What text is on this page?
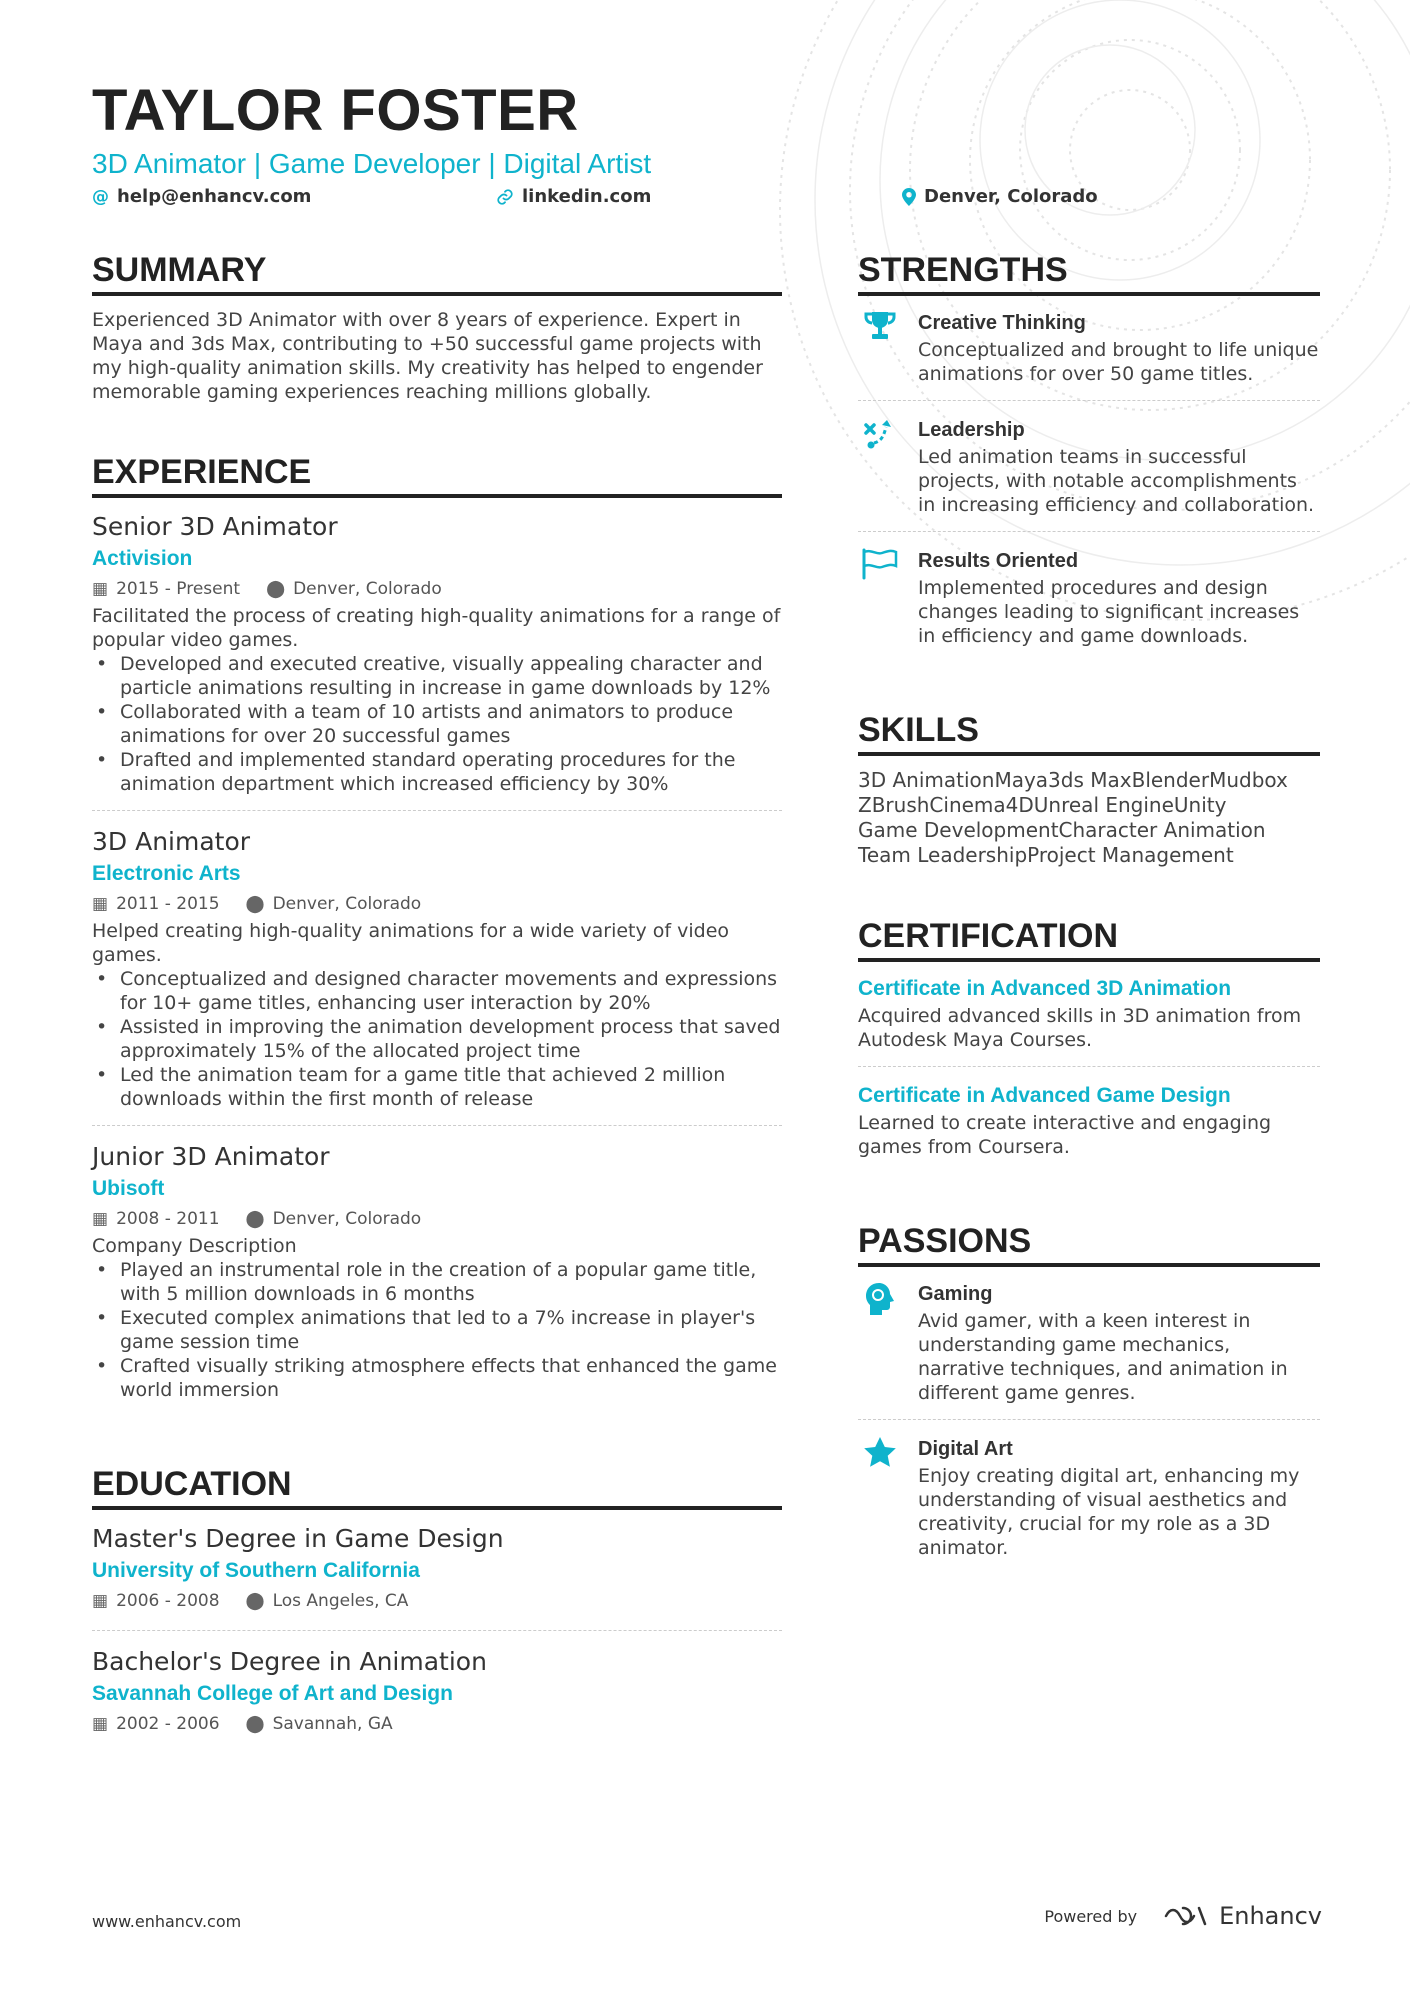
TAYLOR FOSTER
3D Animator | Game Developer | Digital Artist
@ help@enhancv.com	linkedin.com	Denver, Colorado
SUMMARY
Experienced 3D Animator with over 8 years of experience. Expert in Maya and 3ds Max, contributing to +50 successful game projects with my high-quality animation skills. My creativity has helped to engender memorable gaming experiences reaching millions globally.
EXPERIENCE
Senior 3D Animator
Activision
▦ 2015 - Present ⬤ Denver, Colorado
Facilitated the process of creating high-quality animations for a range of popular video games.
• Developed and executed creative, visually appealing character and particle animations resulting in increase in game downloads by 12%
• Collaborated with a team of 10 artists and animators to produce animations for over 20 successful games
• Drafted and implemented standard operating procedures for the animation department which increased efficiency by 30%
3D Animator
Electronic Arts
▦ 2011 - 2015 ⬤ Denver, Colorado
Helped creating high-quality animations for a wide variety of video games.
• Conceptualized and designed character movements and expressions for 10+ game titles, enhancing user interaction by 20%
• Assisted in improving the animation development process that saved approximately 15% of the allocated project time
• Led the animation team for a game title that achieved 2 million downloads within the first month of release
Junior 3D Animator
Ubisoft
▦ 2008 - 2011 ⬤ Denver, Colorado
Company Description
• Played an instrumental role in the creation of a popular game title, with 5 million downloads in 6 months
• Executed complex animations that led to a 7% increase in player's game session time
• Crafted visually striking atmosphere effects that enhanced the game world immersion
EDUCATION
Master's Degree in Game Design
University of Southern California
▦ 2006 - 2008 ⬤ Los Angeles, CA
Bachelor's Degree in Animation
Savannah College of Art and Design
▦ 2002 - 2006 ⬤ Savannah, GA
STRENGTHS
Creative Thinking
Conceptualized and brought to life unique animations for over 50 game titles.
Leadership
Led animation teams in successful projects, with notable accomplishments in increasing efficiency and collaboration.
Results Oriented
Implemented procedures and design changes leading to significant increases in efficiency and game downloads.
SKILLS
3D AnimationMaya3ds MaxBlenderMudbox
ZBrushCinema4DUnreal EngineUnity
Game DevelopmentCharacter Animation
Team LeadershipProject Management
CERTIFICATION
Certificate in Advanced 3D Animation
Acquired advanced skills in 3D animation from Autodesk Maya Courses.
Certificate in Advanced Game Design
Learned to create interactive and engaging games from Coursera.
PASSIONS
Gaming
Avid gamer, with a keen interest in understanding game mechanics, narrative techniques, and animation in different game genres.
Digital Art
Enjoy creating digital art, enhancing my understanding of visual aesthetics and creativity, crucial for my role as a 3D animator.
www.enhancv.com	Powered by	Enhancv
